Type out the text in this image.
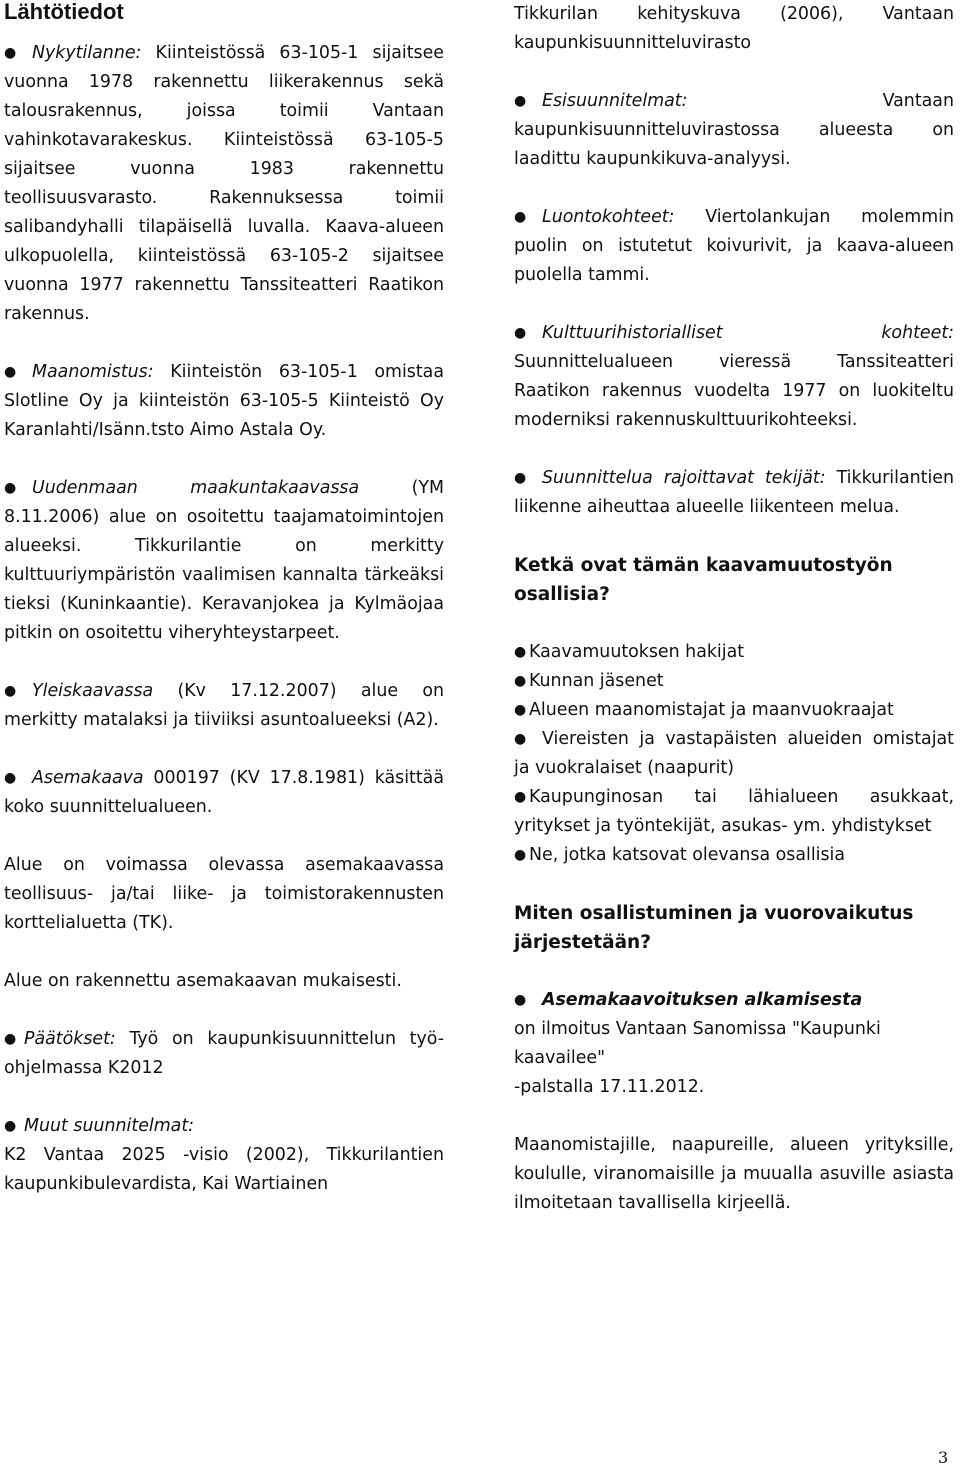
Lähtötiedot
● Nykytilanne: Kiinteistössä 63-105-1 sijaitsee vuonna 1978 rakennettu liikerakennus sekä talousrakennus, joissa toimii Vantaan vahinkotavarakeskus. Kiinteistössä 63-105-5 sijaitsee vuonna 1983 rakennettu teollisuusvarasto. Rakennuksessa toimii salibandyhalli tilapäisellä luvalla. Kaava-alueen ulkopuolella, kiinteistössä 63-105-2 sijaitsee vuonna 1977 rakennettu Tanssiteatteri Raatikon rakennus.
● Maanomistus: Kiinteistön 63-105-1 omistaa Slotline Oy ja kiinteistön 63-105-5 Kiinteistö Oy Karanlahti/Isänn.tsto Aimo Astala Oy.
● Uudenmaan maakuntakaavassa (YM 8.11.2006) alue on osoitettu taajamatoimintojen alueeksi. Tikkurilantie on merkitty kulttuuriympäristön vaalimisen kannalta tärkeäksi tieksi (Kuninkaantie). Keravanjokea ja Kylmäojaa pitkin on osoitettu viheryhteystarpeet.
● Yleiskaavassa (Kv 17.12.2007) alue on merkitty matalaksi ja tiiviiksi asuntoalueeksi (A2).
● Asemakaava 000197 (KV 17.8.1981) käsittää koko suunnittelualueen.
Alue on voimassa olevassa asemakaavassa teollisuus- ja/tai liike- ja toimistorakennusten korttelialuetta (TK).
Alue on rakennettu asemakaavan mukaisesti.
● Päätökset: Työ on kaupunkisuunnittelun työ-ohjelmassa K2012
● Muut suunnitelmat:
K2 Vantaa 2025 -visio (2002), Tikkurilantien kaupunkibulevardista, Kai Wartiainen
Tikkurilan kehityskuva (2006), Vantaan kaupunkisuunnitteluvirasto
● Esisuunnitelmat: Vantaan kaupunkisuunnitteluvirastossa alueesta on laadittu kaupunkikuva-analyysi.
● Luontokohteet: Viertolankujan molemmin puolin on istutetut koivurivit, ja kaava-alueen puolella tammi.
● Kulttuurihistorialliset kohteet: Suunnittelualueen vieressä Tanssiteatteri Raatikon rakennus vuodelta 1977 on luokiteltu moderniksi rakennuskulttuurikohteeksi.
● Suunnittelua rajoittavat tekijät: Tikkurilantien liikenne aiheuttaa alueelle liikenteen melua.
Ketkä ovat tämän kaavamuutostyön osallisia?
● Kaavamuutoksen hakijat
● Kunnan jäsenet
● Alueen maanomistajat ja maanvuokraajat
● Viereisten ja vastapäisten alueiden omistajat ja vuokralaiset (naapurit)
● Kaupunginosan tai lähialueen asukkaat, yritykset ja työntekijät, asukas- ym. yhdistykset
● Ne, jotka katsovat olevansa osallisia
Miten osallistuminen ja vuorovaikutus järjestetään?
● Asemakaavoituksen alkamisesta
on ilmoitus Vantaan Sanomissa "Kaupunki kaavailee"
-palstalla 17.11.2012.
Maanomistajille, naapureille, alueen yrityksille, koululle, viranomaisille ja muualla asuville asiasta ilmoitetaan tavallisella kirjeellä.
3
